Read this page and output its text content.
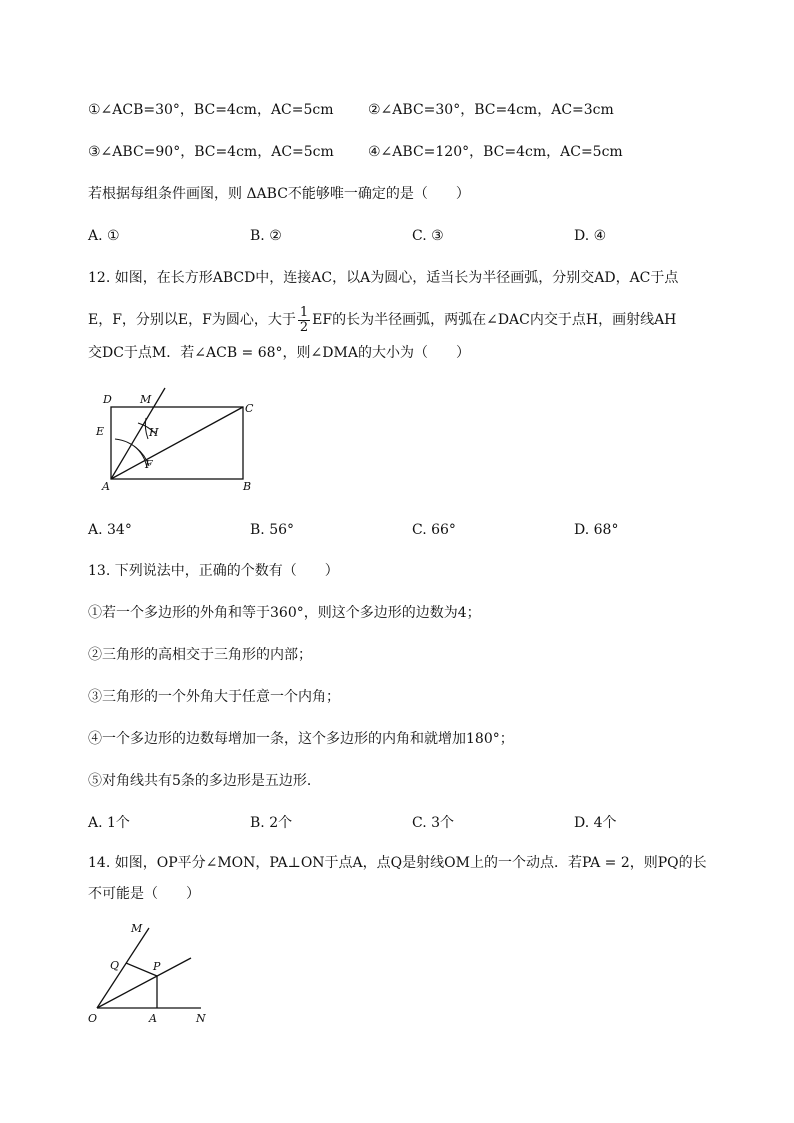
①∠ACB=30°，BC=4cm，AC=5cm ②∠ABC=30°，BC=4cm，AC=3cm
③∠ABC=90°，BC=4cm，AC=5cm ④∠ABC=120°，BC=4cm，AC=5cm
若根据每组条件画图，则 ΔABC不能够唯一确定的是（　　）
A. ①	B. ②	C. ③	D. ④
12. 如图，在长方形ABCD中，连接AC，以A为圆心，适当长为半径画弧，分别交AD，AC于点
E，F，分别以E，F为圆心，大于 $\frac{1}{2}$ EF的长为半径画弧，两弧在∠DAC内交于点H，画射线AH
交DC于点M．若∠ACB = 68°，则∠DMA的大小为（　　）
D	M
C
E	H
F
A	B
A. 34°	B. 56°	C. 66°	D. 68°
13. 下列说法中，正确的个数有（　　）
①若一个多边形的外角和等于360°，则这个多边形的边数为4；
②三角形的高相交于三角形的内部；
③三角形的一个外角大于任意一个内角；
④一个多边形的边数每增加一条，这个多边形的内角和就增加180°；
⑤对角线共有5条的多边形是五边形．
A. 1个	B. 2个	C. 3个	D. 4个
14. 如图，OP平分∠MON，PA⊥ON于点A，点Q是射线OM上的一个动点．若PA = 2，则PQ的长
不可能是（　　）
M
Q	P
O	A	N
